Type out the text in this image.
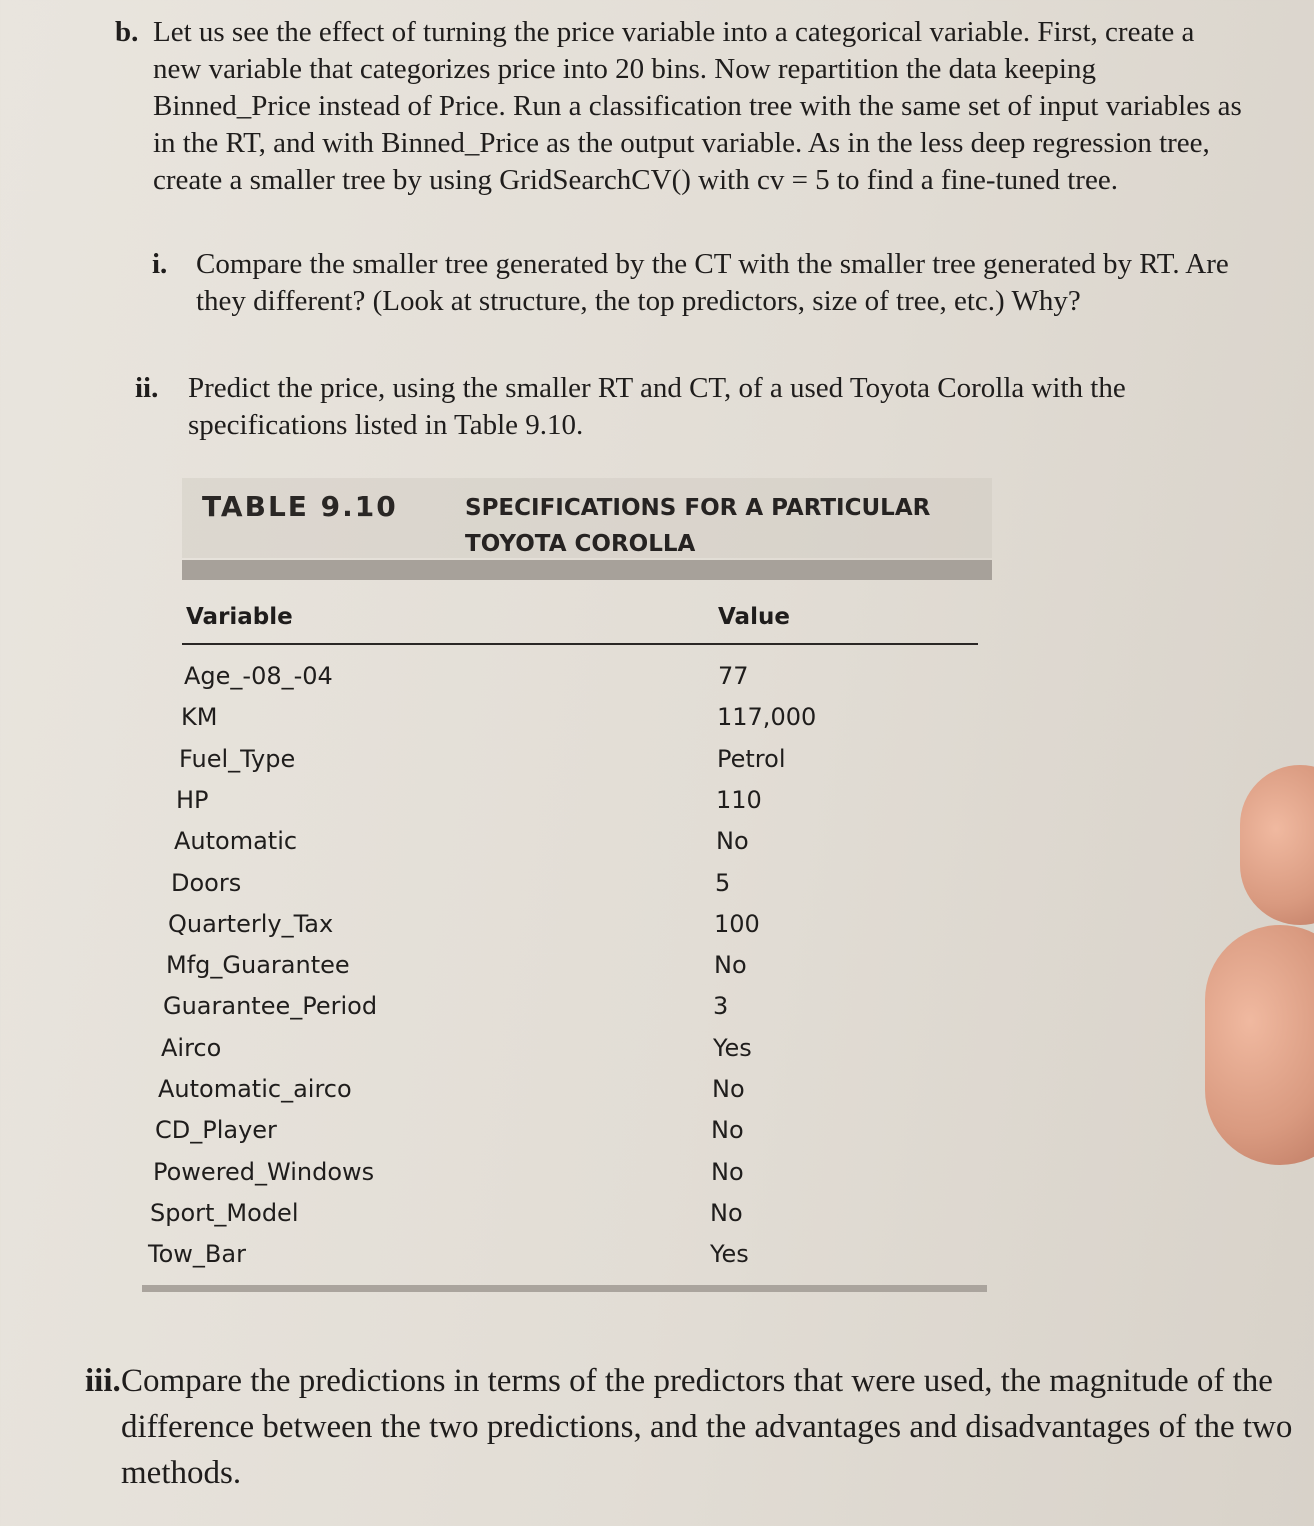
b. Let us see the effect of turning the price variable into a categorical variable. First, create a new variable that categorizes price into 20 bins. Now repartition the data keeping Binned_Price instead of Price. Run a classification tree with the same set of input variables as in the RT, and with Binned_Price as the output variable. As in the less deep regression tree, create a smaller tree by using GridSearchCV() with cv = 5 to find a fine-tuned tree.
i. Compare the smaller tree generated by the CT with the smaller tree generated by RT. Are they different? (Look at structure, the top predictors, size of tree, etc.) Why?
ii. Predict the price, using the smaller RT and CT, of a used Toyota Corolla with the specifications listed in Table 9.10.
TABLE 9.10	SPECIFICATIONS FOR A PARTICULAR
TOYOTA COROLLA
Variable	Value
Age_-08_-04	77
KM	117,000
Fuel_Type	Petrol
HP	110
Automatic	No
Doors	5
Quarterly_Tax	100
Mfg_Guarantee	No
Guarantee_Period	3
Airco	Yes
Automatic_airco	No
CD_Player	No
Powered_Windows	No
Sport_Model	No
Tow_Bar	Yes
iii. Compare the predictions in terms of the predictors that were used, the magnitude of the difference between the two predictions, and the advantages and disadvantages of the two methods.
